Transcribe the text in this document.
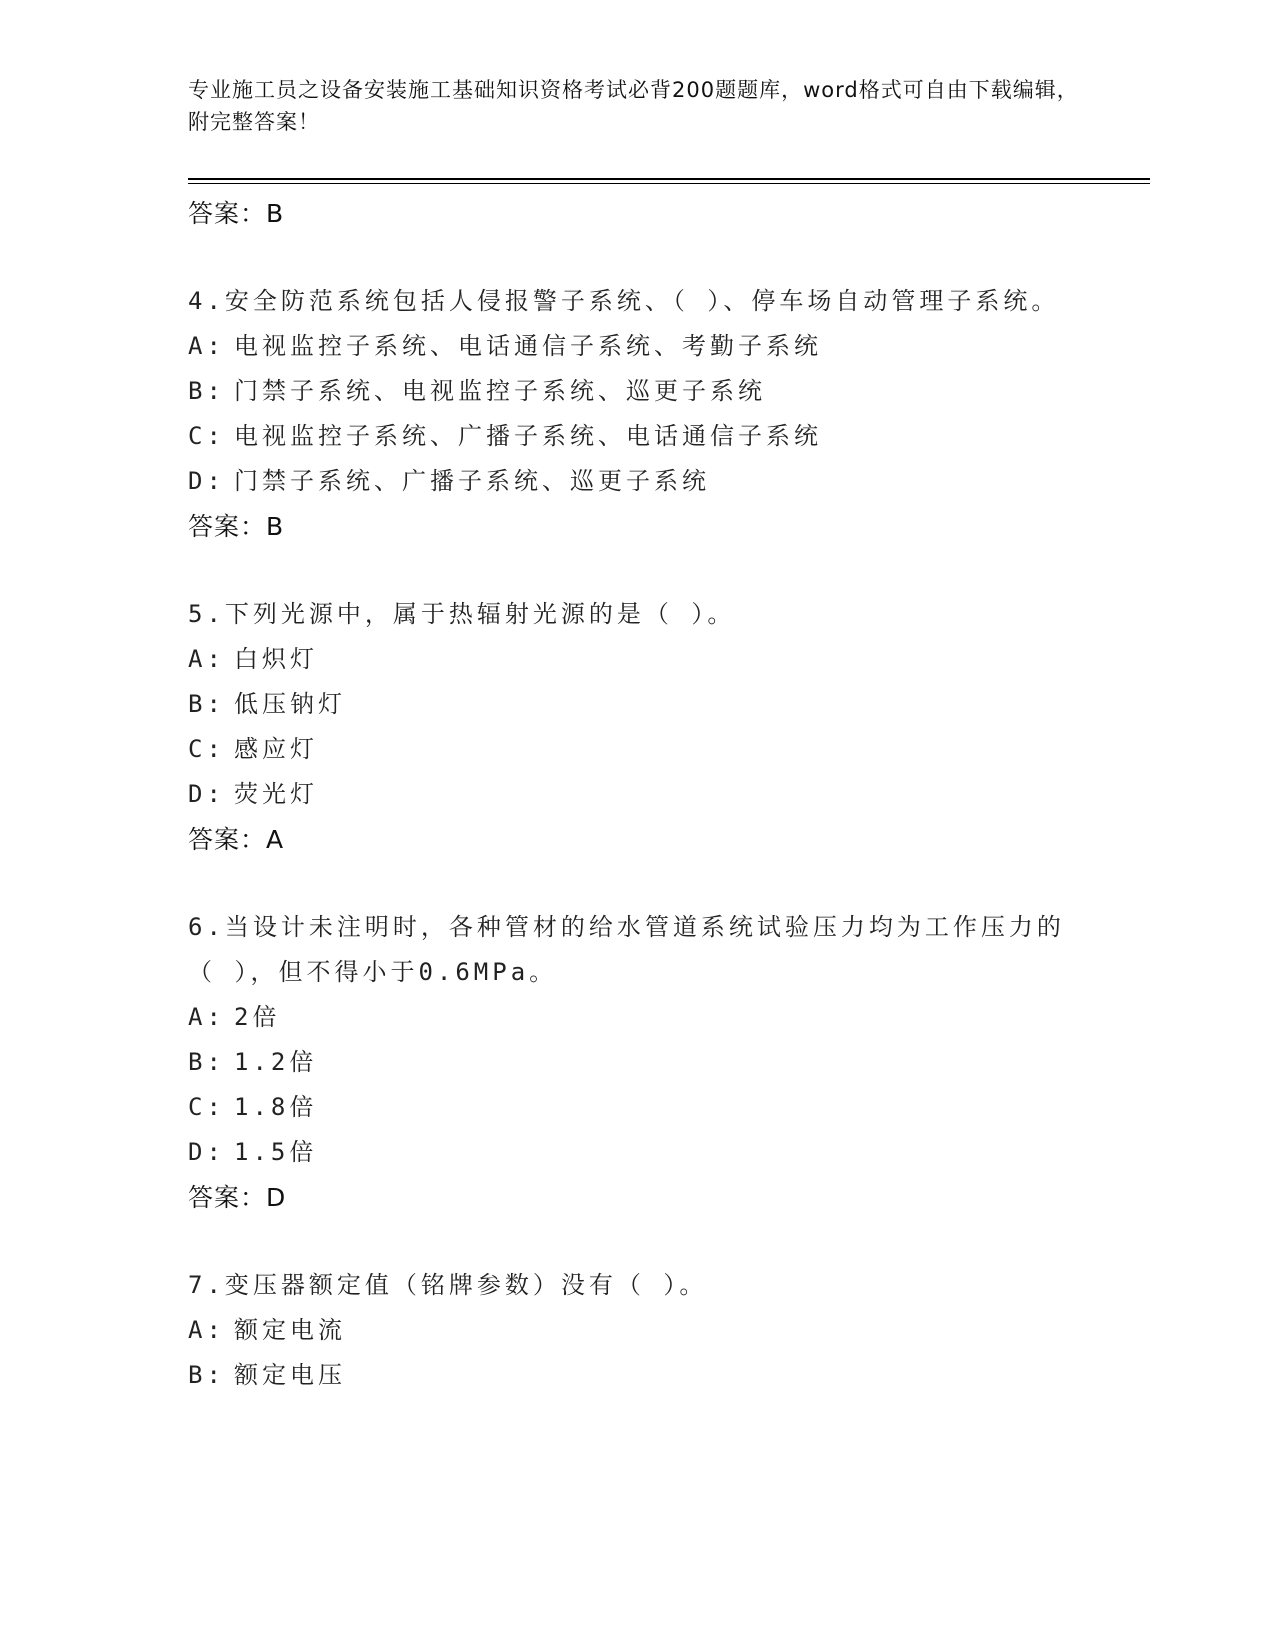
专业施工员之设备安装施工基础知识资格考试必背200题题库，word格式可自由下载编辑，附完整答案！
答案：B
4.安全防范系统包括人侵报警子系统、（ ）、停车场自动管理子系统。
A: 电视监控子系统、电话通信子系统、考勤子系统
B: 门禁子系统、电视监控子系统、巡更子系统
C: 电视监控子系统、广播子系统、电话通信子系统
D: 门禁子系统、广播子系统、巡更子系统
答案：B
5.下列光源中，属于热辐射光源的是（ ）。
A: 白炽灯
B: 低压钠灯
C: 感应灯
D: 荧光灯
答案：A
6.当设计未注明时，各种管材的给水管道系统试验压力均为工作压力的（ ），但不得小于0.6MPa。
A: 2倍
B: 1.2倍
C: 1.8倍
D: 1.5倍
答案：D
7.变压器额定值（铭牌参数）没有（ ）。
A: 额定电流
B: 额定电压
